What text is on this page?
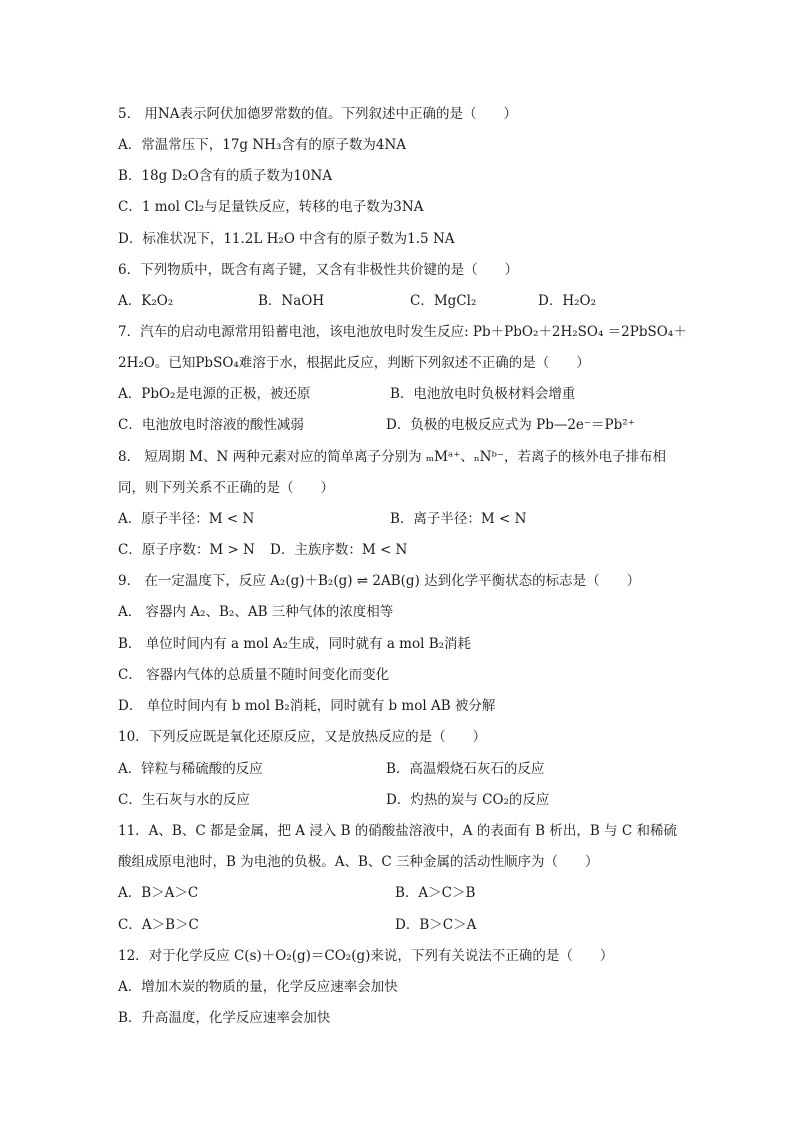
5． 用NA表示阿伏加德罗常数的值。下列叙述中正确的是（　　）
A．常温常压下，17g NH₃含有的原子数为4NA
B．18g D₂O含有的质子数为10NA
C．1 mol Cl₂与足量铁反应，转移的电子数为3NA
D．标准状况下，11.2L H₂O 中含有的原子数为1.5 NA
6．下列物质中，既含有离子键，又含有非极性共价键的是（　　）
A．K₂O₂	B．NaOH	C．MgCl₂	D．H₂O₂
7．汽车的启动电源常用铅蓄电池，该电池放电时发生反应: Pb＋PbO₂＋2H₂SO₄ ＝2PbSO₄＋
2H₂O。已知PbSO₄难溶于水，根据此反应，判断下列叙述不正确的是（　　）
A．PbO₂是电源的正极，被还原	B．电池放电时负极材料会增重
C．电池放电时溶液的酸性减弱	D．负极的电极反应式为 Pb—2e⁻＝Pb²⁺
8． 短周期 M、N 两种元素对应的简单离子分别为 ₘMᵃ⁺、ₙNᵇ⁻，若离子的核外电子排布相
同，则下列关系不正确的是（　　）
A．原子半径：M < N	B．离子半径：M < N
C．原子序数：M > N D．主族序数：M < N
9． 在一定温度下，反应 A₂(g)＋B₂(g) ⇌ 2AB(g) 达到化学平衡状态的标志是（　　）
A． 容器内 A₂、B₂、AB 三种气体的浓度相等
B． 单位时间内有 a mol A₂生成，同时就有 a mol B₂消耗
C． 容器内气体的总质量不随时间变化而变化
D． 单位时间内有 b mol B₂消耗，同时就有 b mol AB 被分解
10．下列反应既是氧化还原反应，又是放热反应的是（　　）
A．锌粒与稀硫酸的反应	B．高温煅烧石灰石的反应
C．生石灰与水的反应	D．灼热的炭与 CO₂的反应
11．A、B、C 都是金属，把 A 浸入 B 的硝酸盐溶液中，A 的表面有 B 析出，B 与 C 和稀硫
酸组成原电池时，B 为电池的负极。A、B、C 三种金属的活动性顺序为（　　）
A．B＞A＞C	B．A＞C＞B
C．A＞B＞C	D．B＞C＞A
12．对于化学反应 C(s)＋O₂(g)＝CO₂(g)来说，下列有关说法不正确的是（　　）
A．增加木炭的物质的量，化学反应速率会加快
B．升高温度，化学反应速率会加快
